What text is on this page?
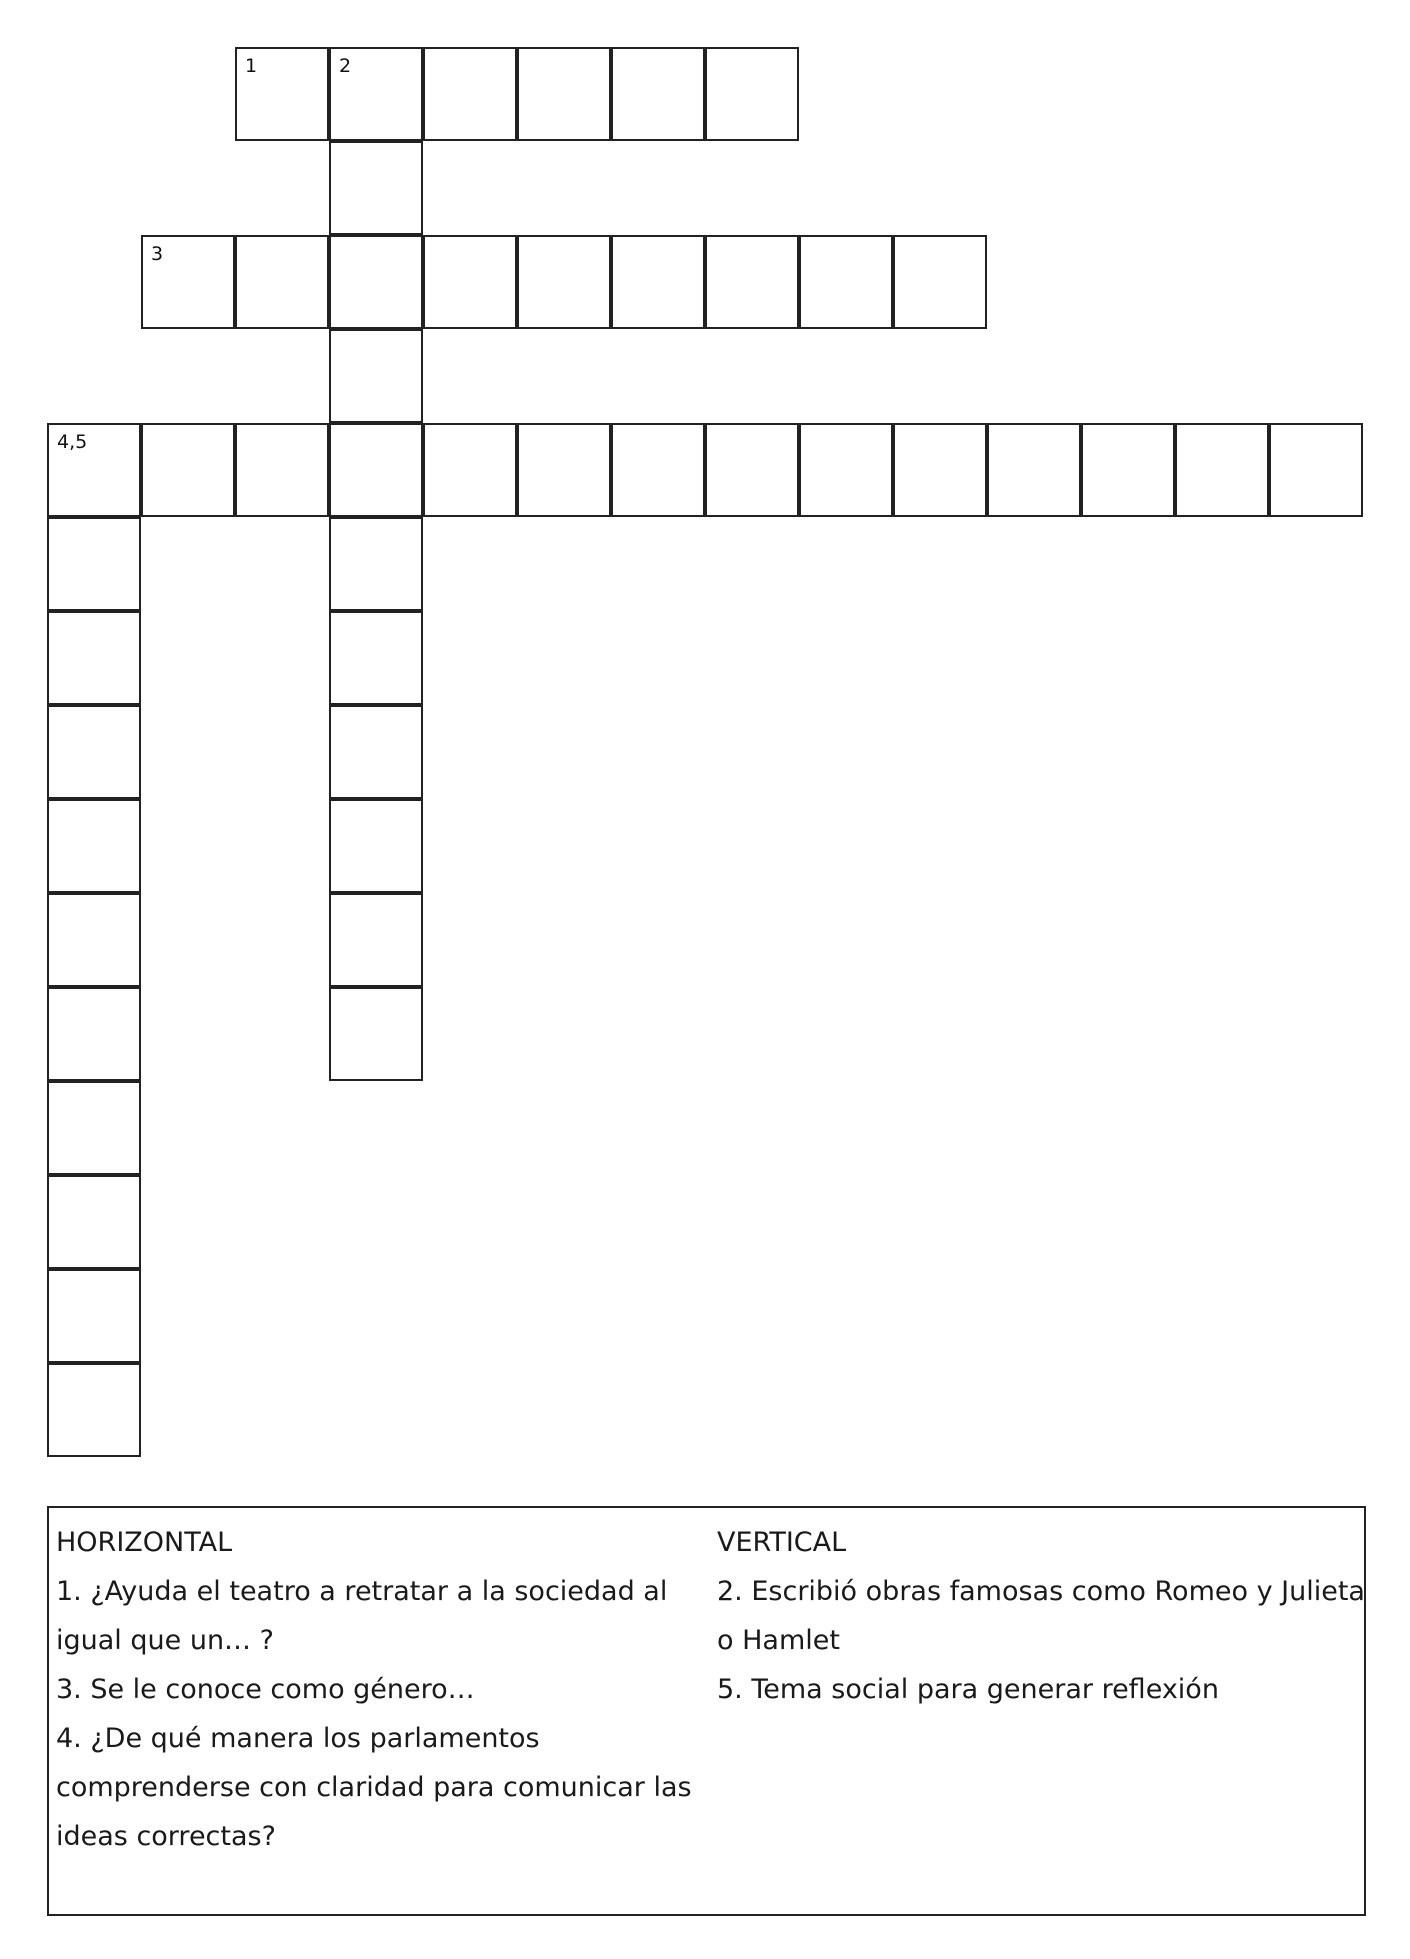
1	2
3
4,5
HORIZONTAL
1. ¿Ayuda el teatro a retratar a la sociedad al
igual que un… ?
3. Se le conoce como género…
4. ¿De qué manera los parlamentos
comprenderse con claridad para comunicar las
ideas correctas?
VERTICAL
2. Escribió obras famosas como Romeo y Julieta
o Hamlet
5. Tema social para generar reflexión
